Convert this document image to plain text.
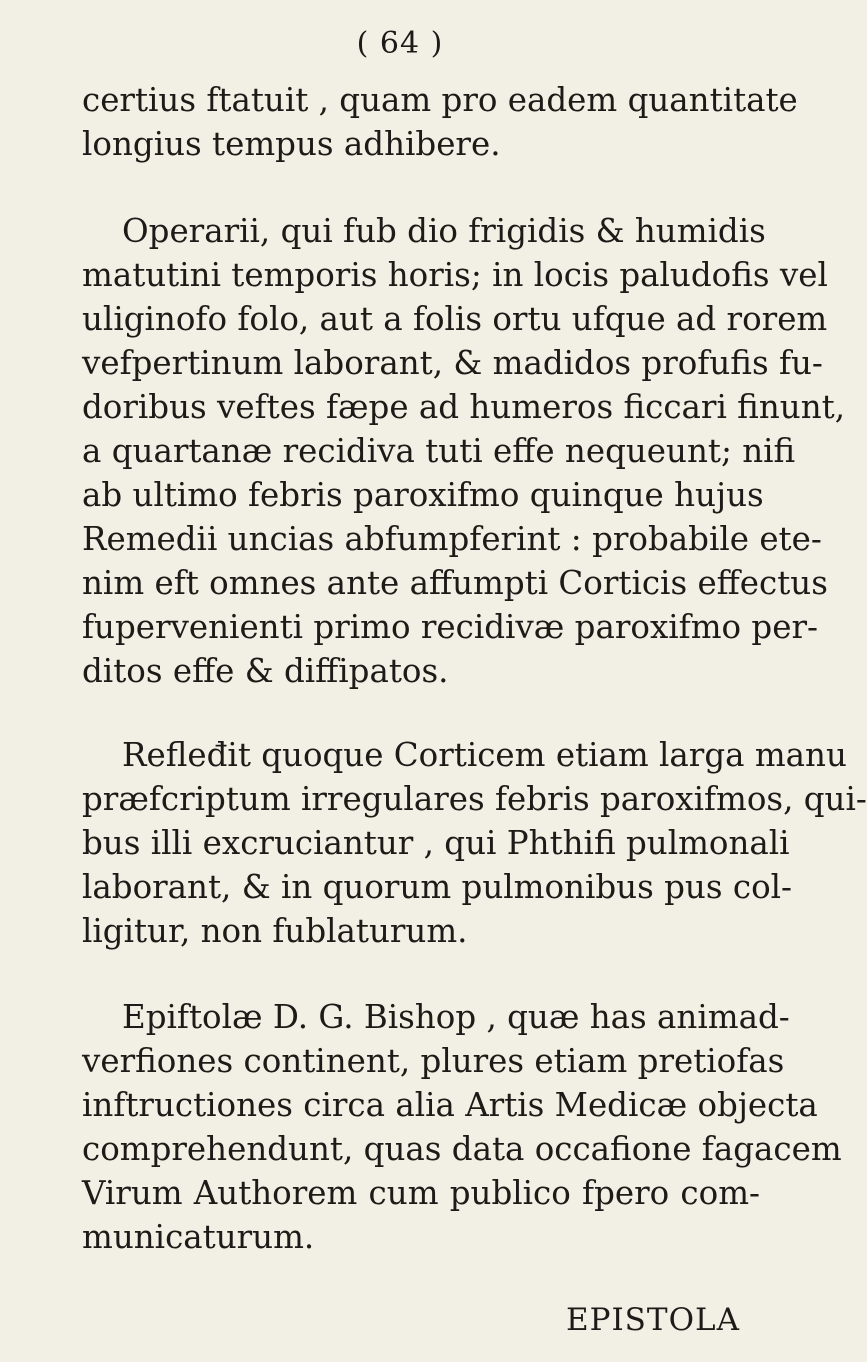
( 64 )
certius ftatuit , quam pro eadem quantitate
longius tempus adhibere.
Operarii, qui fub dio frigidis & humidis
matutini temporis horis; in locis paludofis vel
uliginofo folo, aut a folis ortu ufque ad rorem
vefpertinum laborant, & madidos profufis fu-
doribus veftes fæpe ad humeros ficcari finunt,
a quartanæ recidiva tuti effe nequeunt; nifi
ab ultimo febris paroxifmo quinque hujus
Remedii uncias abfumpferint : probabile ete-
nim eft omnes ante affumpti Corticis effectus
fupervenienti primo recidivæ paroxifmo per-
ditos effe & diffipatos.
Refleđit quoque Corticem etiam larga manu
præfcriptum irregulares febris paroxifmos, qui-
bus illi excruciantur , qui Phthifi pulmonali
laborant, & in quorum pulmonibus pus col-
ligitur, non fublaturum.
Epiftolæ D. G. Bishop , quæ has animad-
verfiones continent, plures etiam pretiofas
inftructiones circa alia Artis Medicæ objecta
comprehendunt, quas data occafione fagacem
Virum Authorem cum publico fpero com-
municaturum.
EPISTOLA
